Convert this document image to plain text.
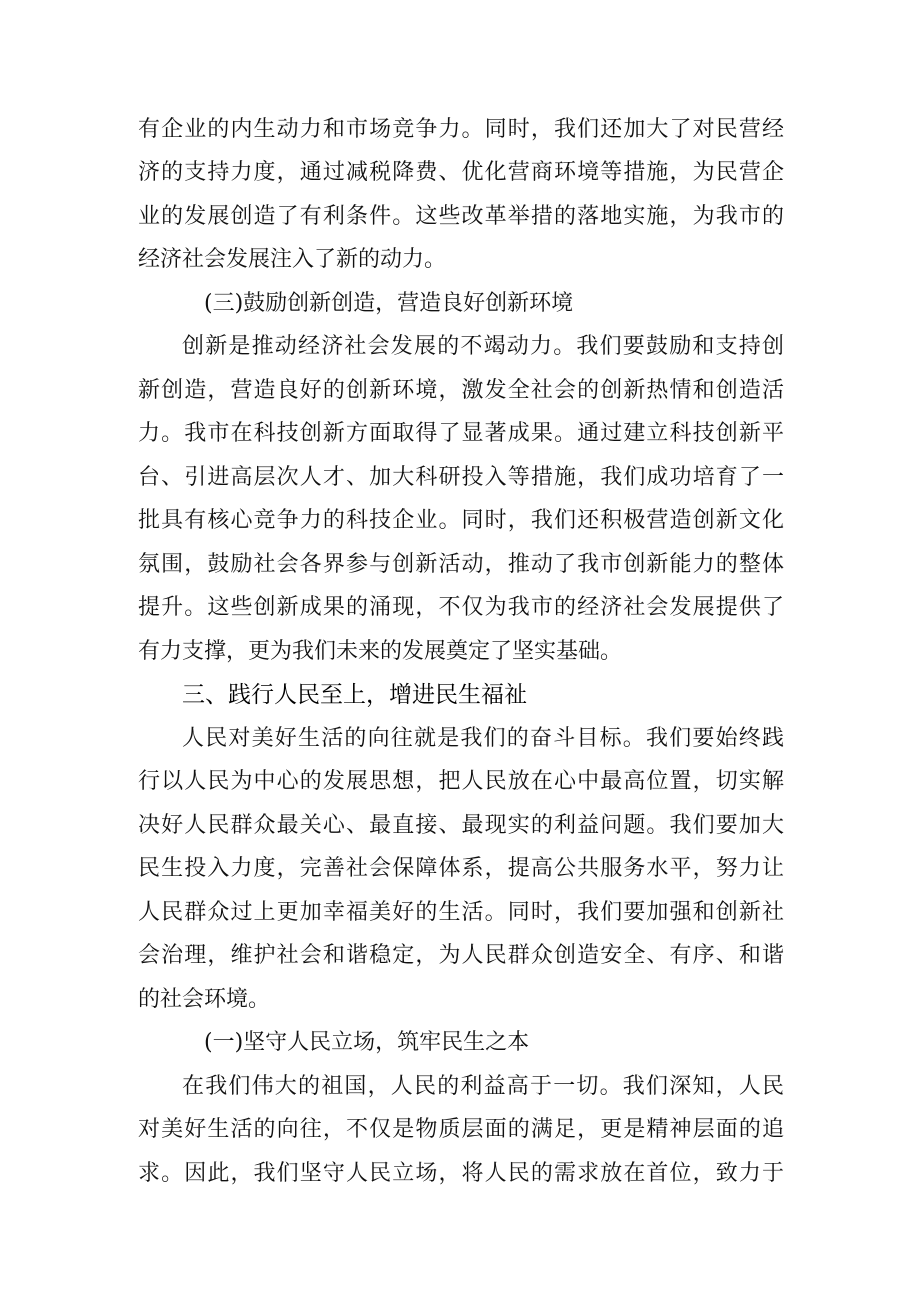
有企业的内生动力和市场竞争力。同时，我们还加大了对民营经
济的支持力度，通过减税降费、优化营商环境等措施，为民营企
业的发展创造了有利条件。这些改革举措的落地实施，为我市的
经济社会发展注入了新的动力。
(三)鼓励创新创造，营造良好创新环境
创新是推动经济社会发展的不竭动力。我们要鼓励和支持创
新创造，营造良好的创新环境，激发全社会的创新热情和创造活
力。我市在科技创新方面取得了显著成果。通过建立科技创新平
台、引进高层次人才、加大科研投入等措施，我们成功培育了一
批具有核心竞争力的科技企业。同时，我们还积极营造创新文化
氛围，鼓励社会各界参与创新活动，推动了我市创新能力的整体
提升。这些创新成果的涌现，不仅为我市的经济社会发展提供了
有力支撑，更为我们未来的发展奠定了坚实基础。
三、践行人民至上，增进民生福祉
人民对美好生活的向往就是我们的奋斗目标。我们要始终践
行以人民为中心的发展思想，把人民放在心中最高位置，切实解
决好人民群众最关心、最直接、最现实的利益问题。我们要加大
民生投入力度，完善社会保障体系，提高公共服务水平，努力让
人民群众过上更加幸福美好的生活。同时，我们要加强和创新社
会治理，维护社会和谐稳定，为人民群众创造安全、有序、和谐
的社会环境。
(一)坚守人民立场，筑牢民生之本
在我们伟大的祖国，人民的利益高于一切。我们深知，人民
对美好生活的向往，不仅是物质层面的满足，更是精神层面的追
求。因此，我们坚守人民立场，将人民的需求放在首位，致力于
